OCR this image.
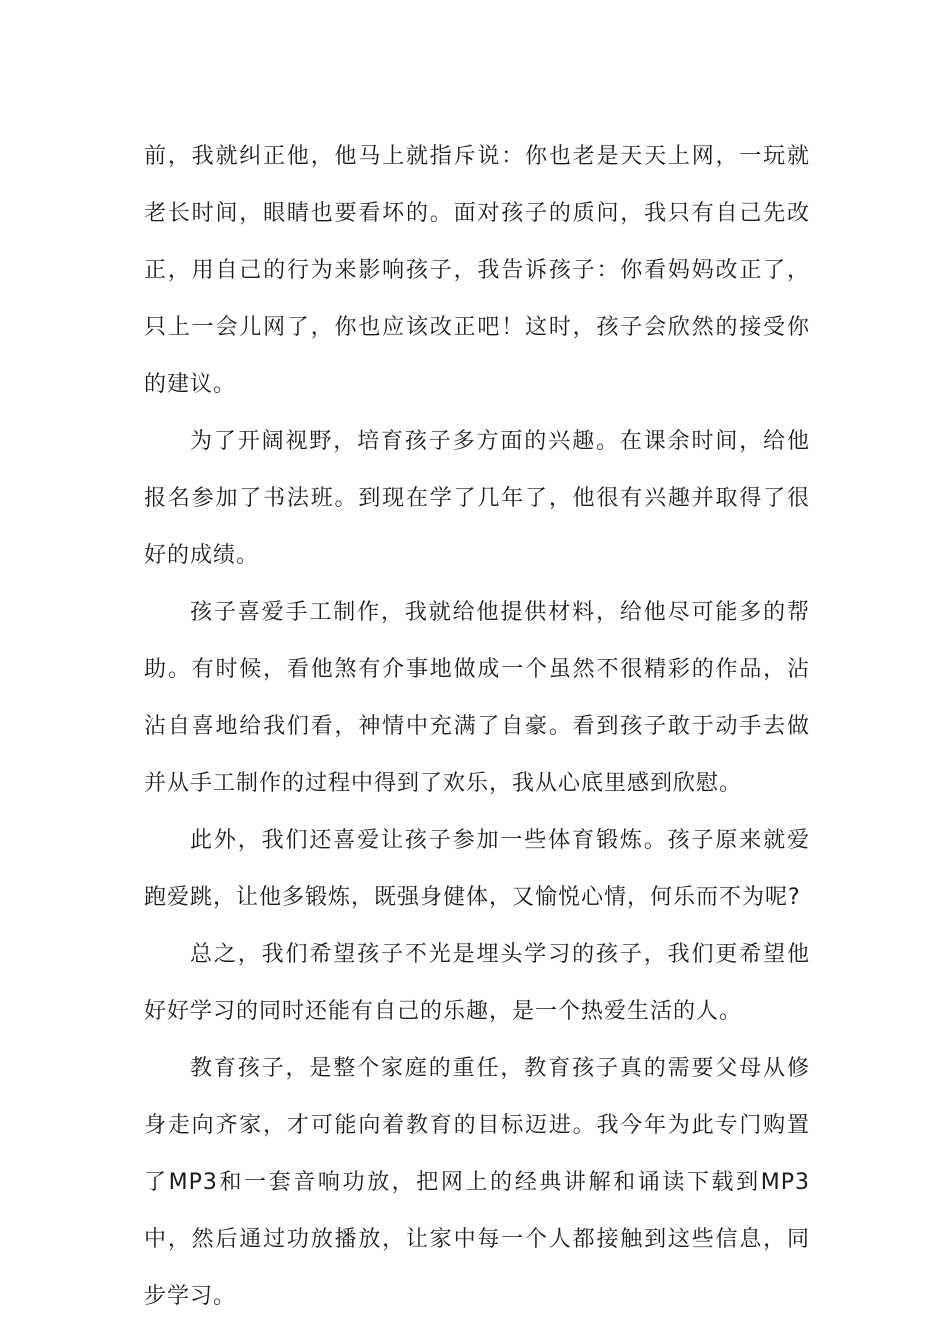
前，我就纠正他，他马上就指斥说：你也老是天天上网，一玩就老长时间，眼睛也要看坏的。面对孩子的质问，我只有自己先改正，用自己的行为来影响孩子，我告诉孩子：你看妈妈改正了，只上一会儿网了，你也应该改正吧！这时，孩子会欣然的接受你的建议。

为了开阔视野，培育孩子多方面的兴趣。在课余时间，给他报名参加了书法班。到现在学了几年了，他很有兴趣并取得了很好的成绩。

孩子喜爱手工制作，我就给他提供材料，给他尽可能多的帮助。有时候，看他煞有介事地做成一个虽然不很精彩的作品，沾沾自喜地给我们看，神情中充满了自豪。看到孩子敢于动手去做并从手工制作的过程中得到了欢乐，我从心底里感到欣慰。

此外，我们还喜爱让孩子参加一些体育锻炼。孩子原来就爱跑爱跳，让他多锻炼，既强身健体，又愉悦心情，何乐而不为呢?

总之，我们希望孩子不光是埋头学习的孩子，我们更希望他好好学习的同时还能有自己的乐趣，是一个热爱生活的人。

教育孩子，是整个家庭的重任，教育孩子真的需要父母从修身走向齐家，才可能向着教育的目标迈进。我今年为此专门购置了MP3和一套音响功放，把网上的经典讲解和诵读下载到MP3中，然后通过功放播放，让家中每一个人都接触到这些信息，同步学习。
